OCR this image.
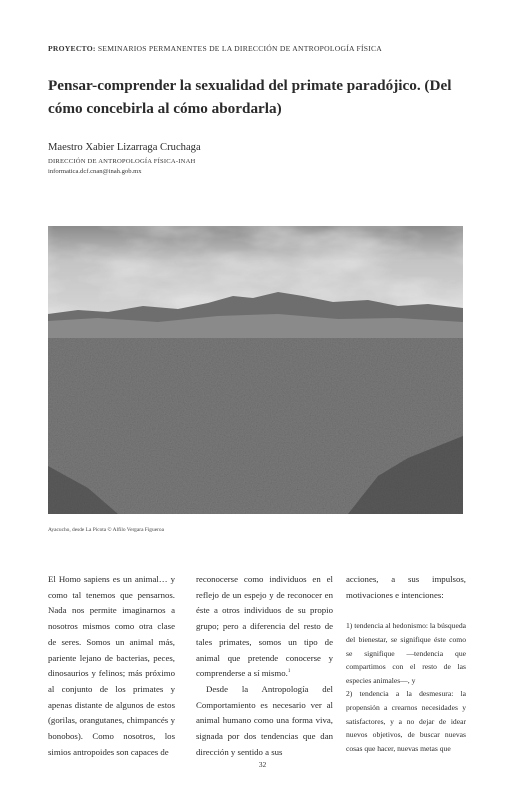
PROYECTO: SEMINARIOS PERMANENTES DE LA DIRECCIÓN DE ANTROPOLOGÍA FÍSICA
Pensar-comprender la sexualidad del primate paradójico. (Del cómo concebirla al cómo abordarla)
Maestro Xabier Lizarraga Cruchaga
DIRECCIÓN DE ANTROPOLOGÍA FÍSICA-INAH
informatica.dcf.cnan@inah.gob.mx
Ayacucho, desde La Picota © Alfilo Vergara Figueroa

El Homo sapiens es un animal… y como tal tenemos que pensarnos. Nada nos permite imaginarnos a nosotros mismos como otra clase de seres. Somos un animal más, pariente lejano de bacterias, peces, dinosaurios y felinos; más próximo al conjunto de los primates y apenas distante de algunos de estos (gorilas, orangutanes, chimpancés y bonobos). Como nosotros, los simios antropoides son capaces de

reconocerse como individuos en el reflejo de un espejo y de reconocer en éste a otros individuos de su propio grupo; pero a diferencia del resto de tales primates, somos un tipo de animal que pretende conocerse y comprenderse a sí mismo.$^1$

Desde la Antropología del Comportamiento es necesario ver al animal humano como una forma viva, signada por dos tendencias que dan dirección y sentido a sus

acciones, a sus impulsos, motivaciones e intenciones:

1) tendencia al hedonismo: la búsqueda del bienestar, se signifique éste como se signifique —tendencia que compartimos con el resto de las especies animales—, y

2) tendencia a la desmesura: la propensión a crearnos necesidades y satisfactores, y a no dejar de idear nuevos objetivos, de buscar nuevas cosas que hacer, nuevas metas que

32
